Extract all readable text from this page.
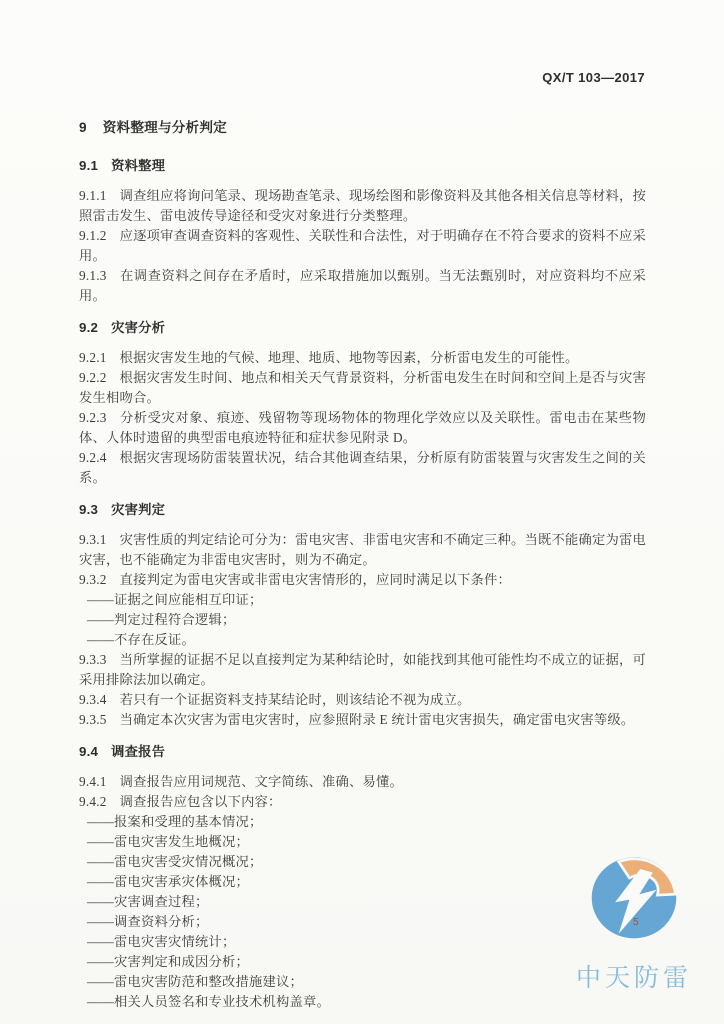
QX/T 103—2017

9 资料整理与分析判定

9.1 资料整理

9.1.1 调查组应将询问笔录、现场勘查笔录、现场绘图和影像资料及其他各相关信息等材料，按照雷击发生、雷电波传导途径和受灾对象进行分类整理。

9.1.2 应逐项审查调查资料的客观性、关联性和合法性，对于明确存在不符合要求的资料不应采用。

9.1.3 在调查资料之间存在矛盾时，应采取措施加以甄别。当无法甄别时，对应资料均不应采用。

9.2 灾害分析

9.2.1 根据灾害发生地的气候、地理、地质、地物等因素，分析雷电发生的可能性。

9.2.2 根据灾害发生时间、地点和相关天气背景资料，分析雷电发生在时间和空间上是否与灾害发生相吻合。

9.2.3 分析受灾对象、痕迹、残留物等现场物体的物理化学效应以及关联性。雷电击在某些物体、人体时遗留的典型雷电痕迹特征和症状参见附录 D。

9.2.4 根据灾害现场防雷装置状况，结合其他调查结果，分析原有防雷装置与灾害发生之间的关系。

9.3 灾害判定

9.3.1 灾害性质的判定结论可分为：雷电灾害、非雷电灾害和不确定三种。当既不能确定为雷电灾害，也不能确定为非雷电灾害时，则为不确定。

9.3.2 直接判定为雷电灾害或非雷电灾害情形的，应同时满足以下条件：

——证据之间应能相互印证；

——判定过程符合逻辑；

——不存在反证。

9.3.3 当所掌握的证据不足以直接判定为某种结论时，如能找到其他可能性均不成立的证据，可采用排除法加以确定。

9.3.4 若只有一个证据资料支持某结论时，则该结论不视为成立。

9.3.5 当确定本次灾害为雷电灾害时，应参照附录 E 统计雷电灾害损失，确定雷电灾害等级。

9.4 调查报告

9.4.1 调查报告应用词规范、文字简练、准确、易懂。

9.4.2 调查报告应包含以下内容：

——报案和受理的基本情况；

——雷电灾害发生地概况；

——雷电灾害受灾情况概况；

——雷电灾害承灾体概况；

——灾害调查过程；

——调查资料分析；

——雷电灾害灾情统计；

——灾害判定和成因分析；

——雷电灾害防范和整改措施建议；

——相关人员签名和专业技术机构盖章。

中天防雷
5
